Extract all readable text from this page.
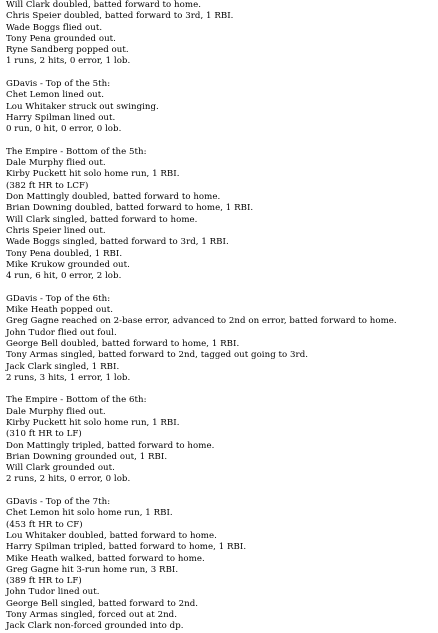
Will Clark doubled, batted forward to home.
Chris Speier doubled, batted forward to 3rd, 1 RBI.
Wade Boggs flied out.
Tony Pena grounded out.
Ryne Sandberg popped out.
1 runs, 2 hits, 0 error, 1 lob.
GDavis - Top of the 5th:
Chet Lemon lined out.
Lou Whitaker struck out swinging.
Harry Spilman lined out.
0 run, 0 hit, 0 error, 0 lob.
The Empire - Bottom of the 5th:
Dale Murphy flied out.
Kirby Puckett hit solo home run, 1 RBI.
(382 ft HR to LCF)
Don Mattingly doubled, batted forward to home.
Brian Downing doubled, batted forward to home, 1 RBI.
Will Clark singled, batted forward to home.
Chris Speier lined out.
Wade Boggs singled, batted forward to 3rd, 1 RBI.
Tony Pena doubled, 1 RBI.
Mike Krukow grounded out.
4 run, 6 hit, 0 error, 2 lob.
GDavis - Top of the 6th:
Mike Heath popped out.
Greg Gagne reached on 2-base error, advanced to 2nd on error, batted forward to home.
John Tudor flied out foul.
George Bell doubled, batted forward to home, 1 RBI.
Tony Armas singled, batted forward to 2nd, tagged out going to 3rd.
Jack Clark singled, 1 RBI.
2 runs, 3 hits, 1 error, 1 lob.
The Empire - Bottom of the 6th:
Dale Murphy flied out.
Kirby Puckett hit solo home run, 1 RBI.
(310 ft HR to LF)
Don Mattingly tripled, batted forward to home.
Brian Downing grounded out, 1 RBI.
Will Clark grounded out.
2 runs, 2 hits, 0 error, 0 lob.
GDavis - Top of the 7th:
Chet Lemon hit solo home run, 1 RBI.
(453 ft HR to CF)
Lou Whitaker doubled, batted forward to home.
Harry Spilman tripled, batted forward to home, 1 RBI.
Mike Heath walked, batted forward to home.
Greg Gagne hit 3-run home run, 3 RBI.
(389 ft HR to LF)
John Tudor lined out.
George Bell singled, batted forward to 2nd.
Tony Armas singled, forced out at 2nd.
Jack Clark non-forced grounded into dp.
